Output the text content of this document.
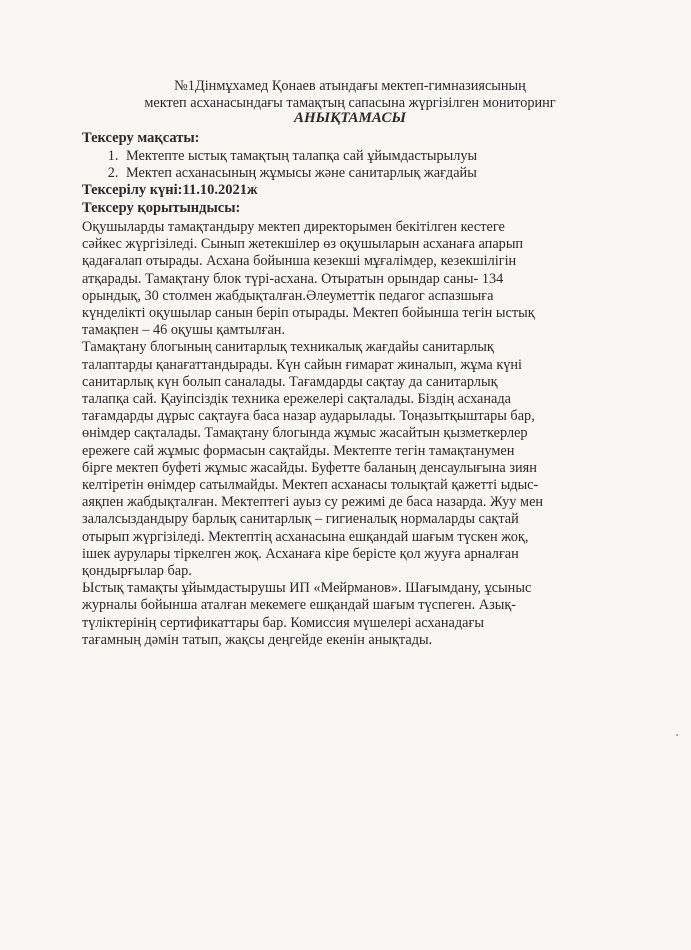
№1Дінмұхамед Қонаев атындағы мектеп-гимназиясының
мектеп асханасындағы тамақтың сапасына жүргізілген мониторинг
АНЫҚТАМАСЫ
Тексеру мақсаты:
1. Мектепте ыстық тамақтың талапқа сай ұйымдастырылуы
2. Мектеп асханасының жұмысы және санитарлық жағдайы
Тексерілу күні:11.10.2021ж
Тексеру қорытындысы:

Оқушыларды тамақтандыру мектеп директорымен бекітілген кестеге
сәйкес жүргізіледі. Сынып жетекшілер өз оқушыларын асханаға апарып
қадағалап отырады. Асхана бойынша кезекші мұғалімдер, кезекшілігін
атқарады. Тамақтану блок түрі-асхана. Отыратын орындар саны- 134
орындық, 30 столмен жабдықталған.Әлеуметтік педагог аспазшыға
күнделікті оқушылар санын беріп отырады. Мектеп бойынша тегін ыстық
тамақпен – 46 оқушы қамтылған.

Тамақтану блогының санитарлық техникалық жағдайы санитарлық
талаптарды қанағаттандырады. Күн сайын ғимарат жиналып, жұма күні
санитарлық күн болып саналады. Тағамдарды сақтау да санитарлық
талапқа сай. Қауіпсіздік техника ережелері сақталады. Біздің асханада
тағамдарды дұрыс сақтауға баса назар аударылады. Тоңазытқыштары бар,
өнімдер сақталады. Тамақтану блогында жұмыс жасайтын қызметкерлер
ережеге сай жұмыс формасын сақтайды. Мектепте тегін тамақтанумен
бірге мектеп буфеті жұмыс жасайды. Буфетте баланың денсаулығына зиян
келтіретін өнімдер сатылмайды. Мектеп асханасы толықтай қажетті ыдыс-
аяқпен жабдықталған. Мектептегі ауыз су режимі де баса назарда. Жуу мен
залалсыздандыру барлық санитарлық – гигиеналық нормаларды сақтай
отырып жүргізіледі. Мектептің асханасына ешқандай шағым түскен жоқ,
ішек аурулары тіркелген жоқ. Асханаға кіре берісте қол жууға арналған
қондырғылар бар.

Ыстық тамақты ұйымдастырушы ИП «Мейрманов». Шағымдану, ұсыныс
журналы бойынша аталған мекемеге ешқандай шағым түспеген. Азық-
түліктерінің сертификаттары бар. Комиссия мүшелері асханадағы
тағамның дәмін татып, жақсы деңгейде екенін анықтады.
